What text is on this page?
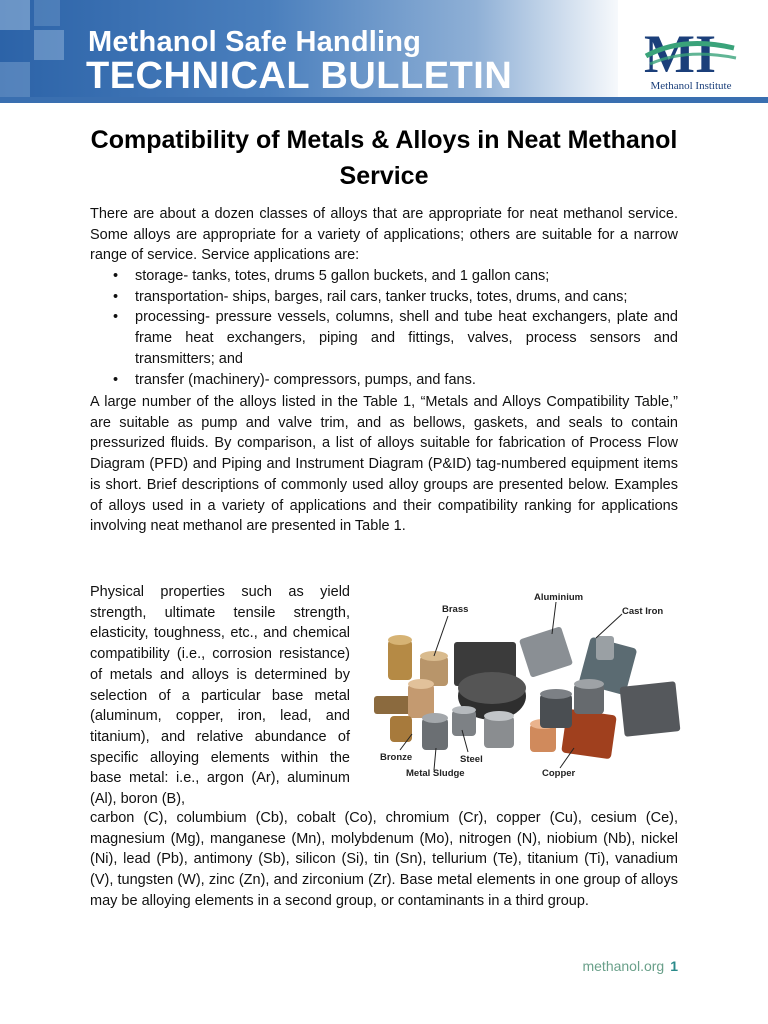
Methanol Safe Handling
TECHNICAL BULLETIN MI
Methanol Institute
Compatibility of Metals & Alloys in Neat Methanol Service
There are about a dozen classes of alloys that are appropriate for neat methanol service. Some alloys are appropriate for a variety of applications; others are suitable for a narrow range of service. Service applications are:
• storage- tanks, totes, drums 5 gallon buckets, and 1 gallon cans;
• transportation- ships, barges, rail cars, tanker trucks, totes, drums, and cans;
• processing- pressure vessels, columns, shell and tube heat exchangers, plate and frame heat exchangers, piping and fittings, valves, process sensors and transmitters; and
• transfer (machinery)- compressors, pumps, and fans.
A large number of the alloys listed in the Table 1, “Metals and Alloys Compatibility Table,” are suitable as pump and valve trim, and as bellows, gaskets, and seals to contain pressurized fluids. By comparison, a list of alloys suitable for fabrication of Process Flow Diagram (PFD) and Piping and Instrument Diagram (P&ID) tag-numbered equipment items is short. Brief descriptions of commonly used alloy groups are presented below. Examples of alloys used in a variety of applications and their compatibility ranking for applications involving neat methanol are presented in Table 1.
Physical properties such as yield strength, ultimate tensile strength, elasticity, toughness, etc., and chemical compatibility (i.e., corrosion resistance) of metals and alloys is determined by selection of a particular base metal (aluminum, copper, iron, lead, and titanium), and relative abundance of specific alloying elements within the base metal: i.e., argon (Ar), aluminum (Al), boron (B),
Brass
Aluminium
Cast Iron
Bronze	Steel
Metal Sludge	Copper
carbon (C), columbium (Cb), cobalt (Co), chromium (Cr), copper (Cu), cesium (Ce), magnesium (Mg), manganese (Mn), molybdenum (Mo), nitrogen (N), niobium (Nb), nickel (Ni), lead (Pb), antimony (Sb), silicon (Si), tin (Sn), tellurium (Te), titanium (Ti), vanadium (V), tungsten (W), zinc (Zn), and zirconium (Zr). Base metal elements in one group of alloys may be alloying elements in a second group, or contaminants in a third group.
methanol.org 1
